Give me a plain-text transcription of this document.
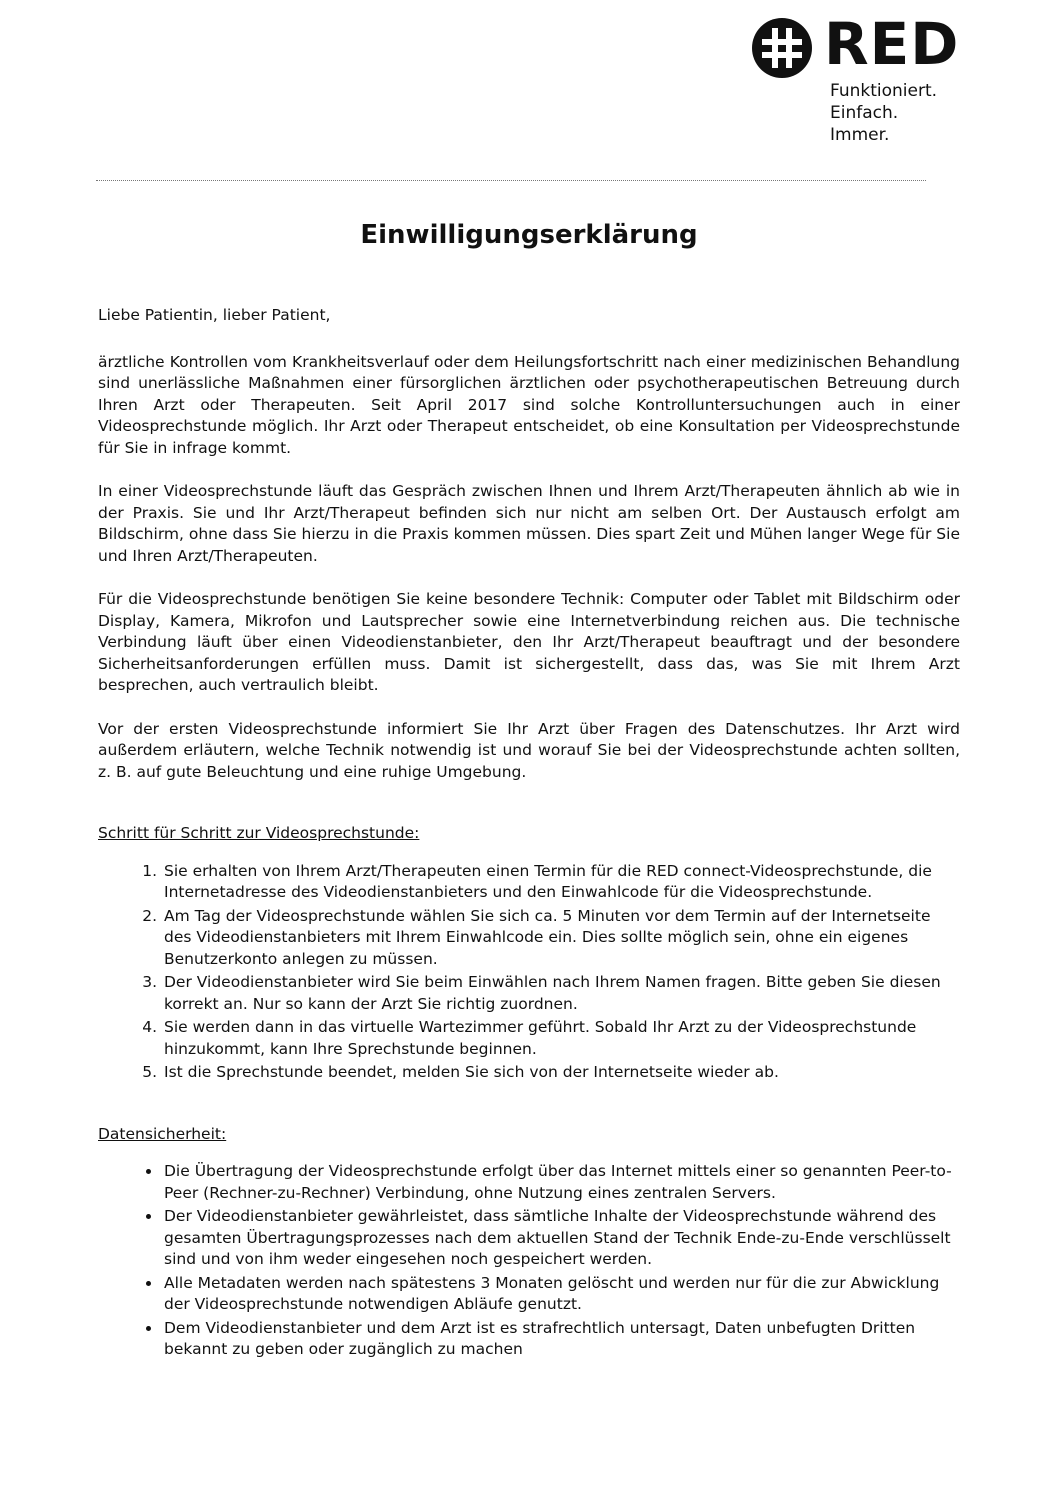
RED
Funktioniert.
Einfach.
Immer.
Einwilligungserklärung

Liebe Patientin, lieber Patient,

ärztliche Kontrollen vom Krankheitsverlauf oder dem Heilungsfortschritt nach einer medizinischen Behandlung sind unerlässliche Maßnahmen einer fürsorglichen ärztlichen oder psychotherapeutischen Betreuung durch Ihren Arzt oder Therapeuten. Seit April 2017 sind solche Kontrolluntersuchungen auch in einer Videosprechstunde möglich. Ihr Arzt oder Therapeut entscheidet, ob eine Konsultation per Videosprechstunde für Sie in infrage kommt.

In einer Videosprechstunde läuft das Gespräch zwischen Ihnen und Ihrem Arzt/Therapeuten ähnlich ab wie in der Praxis. Sie und Ihr Arzt/Therapeut befinden sich nur nicht am selben Ort. Der Austausch erfolgt am Bildschirm, ohne dass Sie hierzu in die Praxis kommen müssen. Dies spart Zeit und Mühen langer Wege für Sie und Ihren Arzt/Therapeuten.

Für die Videosprechstunde benötigen Sie keine besondere Technik: Computer oder Tablet mit Bildschirm oder Display, Kamera, Mikrofon und Lautsprecher sowie eine Internetverbindung reichen aus. Die technische Verbindung läuft über einen Videodienstanbieter, den Ihr Arzt/Therapeut beauftragt und der besondere Sicherheitsanforderungen erfüllen muss. Damit ist sichergestellt, dass das, was Sie mit Ihrem Arzt besprechen, auch vertraulich bleibt.

Vor der ersten Videosprechstunde informiert Sie Ihr Arzt über Fragen des Datenschutzes. Ihr Arzt wird außerdem erläutern, welche Technik notwendig ist und worauf Sie bei der Videosprechstunde achten sollten, z. B. auf gute Beleuchtung und eine ruhige Umgebung.

Schritt für Schritt zur Videosprechstunde:
1. Sie erhalten von Ihrem Arzt/Therapeuten einen Termin für die RED connect-Videosprechstunde, die Internetadresse des Videodienstanbieters und den Einwahlcode für die Videosprechstunde.
2. Am Tag der Videosprechstunde wählen Sie sich ca. 5 Minuten vor dem Termin auf der Internetseite des Videodienstanbieters mit Ihrem Einwahlcode ein. Dies sollte möglich sein, ohne ein eigenes Benutzerkonto anlegen zu müssen.
3. Der Videodienstanbieter wird Sie beim Einwählen nach Ihrem Namen fragen. Bitte geben Sie diesen korrekt an. Nur so kann der Arzt Sie richtig zuordnen.
4. Sie werden dann in das virtuelle Wartezimmer geführt. Sobald Ihr Arzt zu der Videosprechstunde hinzukommt, kann Ihre Sprechstunde beginnen.
5. Ist die Sprechstunde beendet, melden Sie sich von der Internetseite wieder ab.
Datensicherheit:
• Die Übertragung der Videosprechstunde erfolgt über das Internet mittels einer so genannten Peer-to-Peer (Rechner-zu-Rechner) Verbindung, ohne Nutzung eines zentralen Servers.
• Der Videodienstanbieter gewährleistet, dass sämtliche Inhalte der Videosprechstunde während des gesamten Übertragungsprozesses nach dem aktuellen Stand der Technik Ende-zu-Ende verschlüsselt sind und von ihm weder eingesehen noch gespeichert werden.
• Alle Metadaten werden nach spätestens 3 Monaten gelöscht und werden nur für die zur Abwicklung der Videosprechstunde notwendigen Abläufe genutzt.
• Dem Videodienstanbieter und dem Arzt ist es strafrechtlich untersagt, Daten unbefugten Dritten bekannt zu geben oder zugänglich zu machen
